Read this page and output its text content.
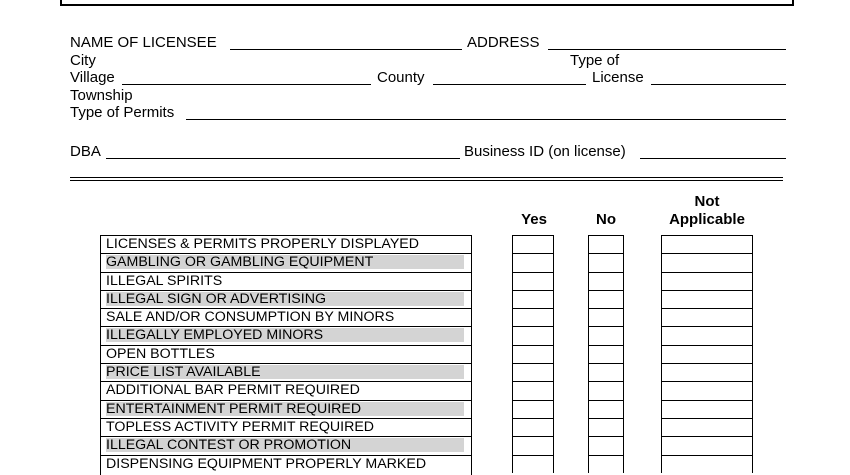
NAME OF LICENSEE	ADDRESS
City	Type of
Village	County	License
Township
Type of Permits
DBA	Business ID (on license)
Yes	No
Not
Applicable
LICENSES & PERMITS PROPERLY DISPLAYED
GAMBLING OR GAMBLING EQUIPMENT
ILLEGAL SPIRITS
ILLEGAL SIGN OR ADVERTISING
SALE AND/OR CONSUMPTION BY MINORS
ILLEGALLY EMPLOYED MINORS
OPEN BOTTLES
PRICE LIST AVAILABLE
ADDITIONAL BAR PERMIT REQUIRED
ENTERTAINMENT PERMIT REQUIRED
TOPLESS ACTIVITY PERMIT REQUIRED
ILLEGAL CONTEST OR PROMOTION
DISPENSING EQUIPMENT PROPERLY MARKED
